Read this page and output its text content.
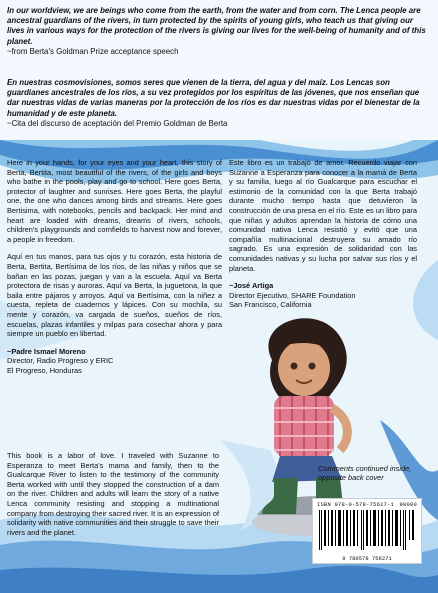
In our worldview, we are beings who come from the earth, from the water and from corn. The Lenca people are ancestral guardians of the rivers, in turn protected by the spirits of young girls, who teach us that giving our lives in various ways for the protection of the rivers is giving our lives for the well-being of humanity and of this planet.
~from Berta's Goldman Prize acceptance speech
En nuestras cosmovisiones, somos seres que vienen de la tierra, del agua y del maíz. Los Lencas son guardianes ancestrales de los ríos, a su vez protegidos por los espíritus de las jóvenes, que nos enseñan que dar nuestras vidas de varias maneras por la protección de los ríos es dar nuestras vidas por el bienestar de la humanidad y de este planeta.
~Cita del discurso de aceptación del Premio Goldman de Berta

Here in your hands, for your eyes and your heart, this story of Berta, Bertita, most beautiful of the rivers, of the girls and boys who bathe in the pools, play and go to school. Here goes Berta, protector of laughter and sunrises. Here goes Berta, the playful one, the one who dances among birds and streams. Here goes Bertisima, with notebooks, pencils and backpack. Her mind and heart are loaded with dreams, dreams of rivers, schools, children's playgrounds and cornfields to harvest now and forever, a people in freedom.

Aquí en tus manos, para tus ojos y tu corazón, esta historia de Berta, Bertita, Bertísima de los ríos, de las niñas y niños que se bañan en las pozas, juegan y van a la escuela. Aquí va Berta protectora de risas y auroras. Aquí va Berta, la juguetona, la que baila entre pájaros y arroyos. Aquí va Bertísima, con la niñez a cuesta, repleta de cuadernos y lápices. Con su mochila, su mente y corazón, va cargada de sueños, sueños de ríos, escuelas, plazas infantiles y milpas para cosechar ahora y para siempre un pueblo en libertad.

~Padre Ismael Moreno
Director, Radio Progreso y ERIC
El Progreso, Honduras
This book is a labor of love. I traveled with Suzanne to Esperanza to meet Berta's mama and family, then to the Gualcarque River to listen to the testimony of the community Berta worked with until they stopped the construction of a dam on the river. Children and adults will learn the story of a native Lenca community resisting and stopping a multinational company from destroying their sacred river. It is an expression of solidarity with native communities and their struggle to save their rivers and the planet.

Este libro es un trabajo de amor. Recuerdo viajar con Suzanne a Esperanza para conocer a la mamá de Berta y su familia, luego al río Gualcarque para escuchar el estimonio de la comunidad con la que Berta trabajó durante mucho tiempo hasta que detuvieron la construcción de una presa en el río. Este es un libro para que niñas y adultos aprendan la historia de cómo una comunidad nativa Lenca resistió y evitó que una compañía multinacional destruyera su amado río sagrado. Es una expresión de solidaridad con las comunidades nativas y su lucha por salvar sus ríos y el planeta.

~José Artiga
Director Ejecutivo, SHARE Foundation
San Francisco, California
Comments continued inside,
opposite back cover
ISBN 978-0-578-75627-1 90000
9 780578 756271
